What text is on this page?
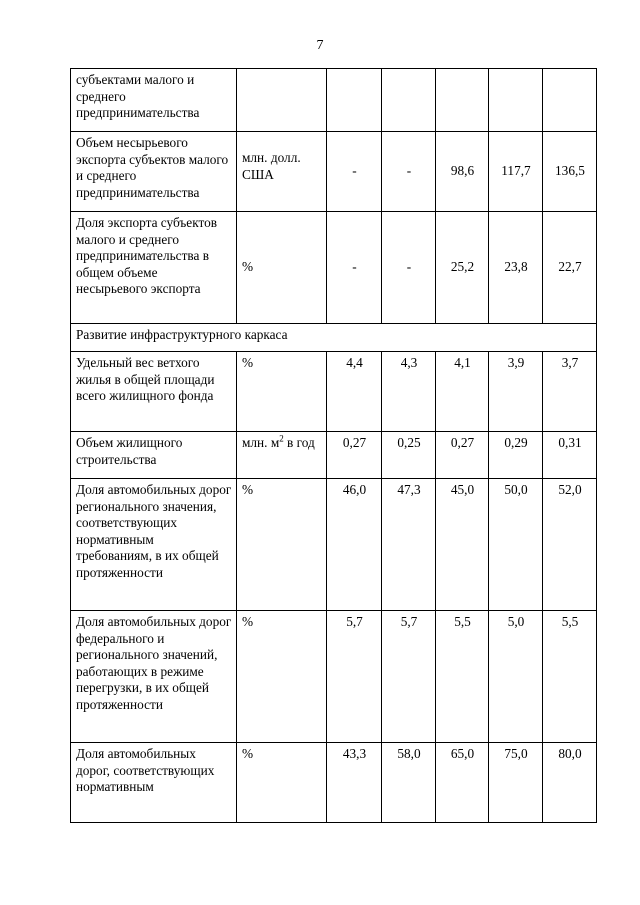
7
субъектами малого и среднего предпринимательства						
Объем несырьевого экспорта субъектов малого и среднего предпринимательства	млн. долл. США	-	-	98,6	117,7	136,5
Доля экспорта субъектов малого и среднего предпринимательства в общем объеме несырьевого экспорта	%	-	-	25,2	23,8	22,7
Развитие инфраструктурного каркаса						
Удельный вес ветхого жилья в общей площади всего жилищного фонда	%	4,4	4,3	4,1	3,9	3,7
Объем жилищного строительства	млн. $м^2$ в год	0,27	0,25	0,27	0,29	0,31
Доля автомобильных дорог регионального значения, соответствующих нормативным требованиям, в их общей протяженности	%	46,0	47,3	45,0	50,0	52,0
Доля автомобильных дорог федерального и регионального значений, работающих в режиме перегрузки, в их общей протяженности	%	5,7	5,7	5,5	5,0	5,5
Доля автомобильных дорог, соответствующих нормативным	%	43,3	58,0	65,0	75,0	80,0
